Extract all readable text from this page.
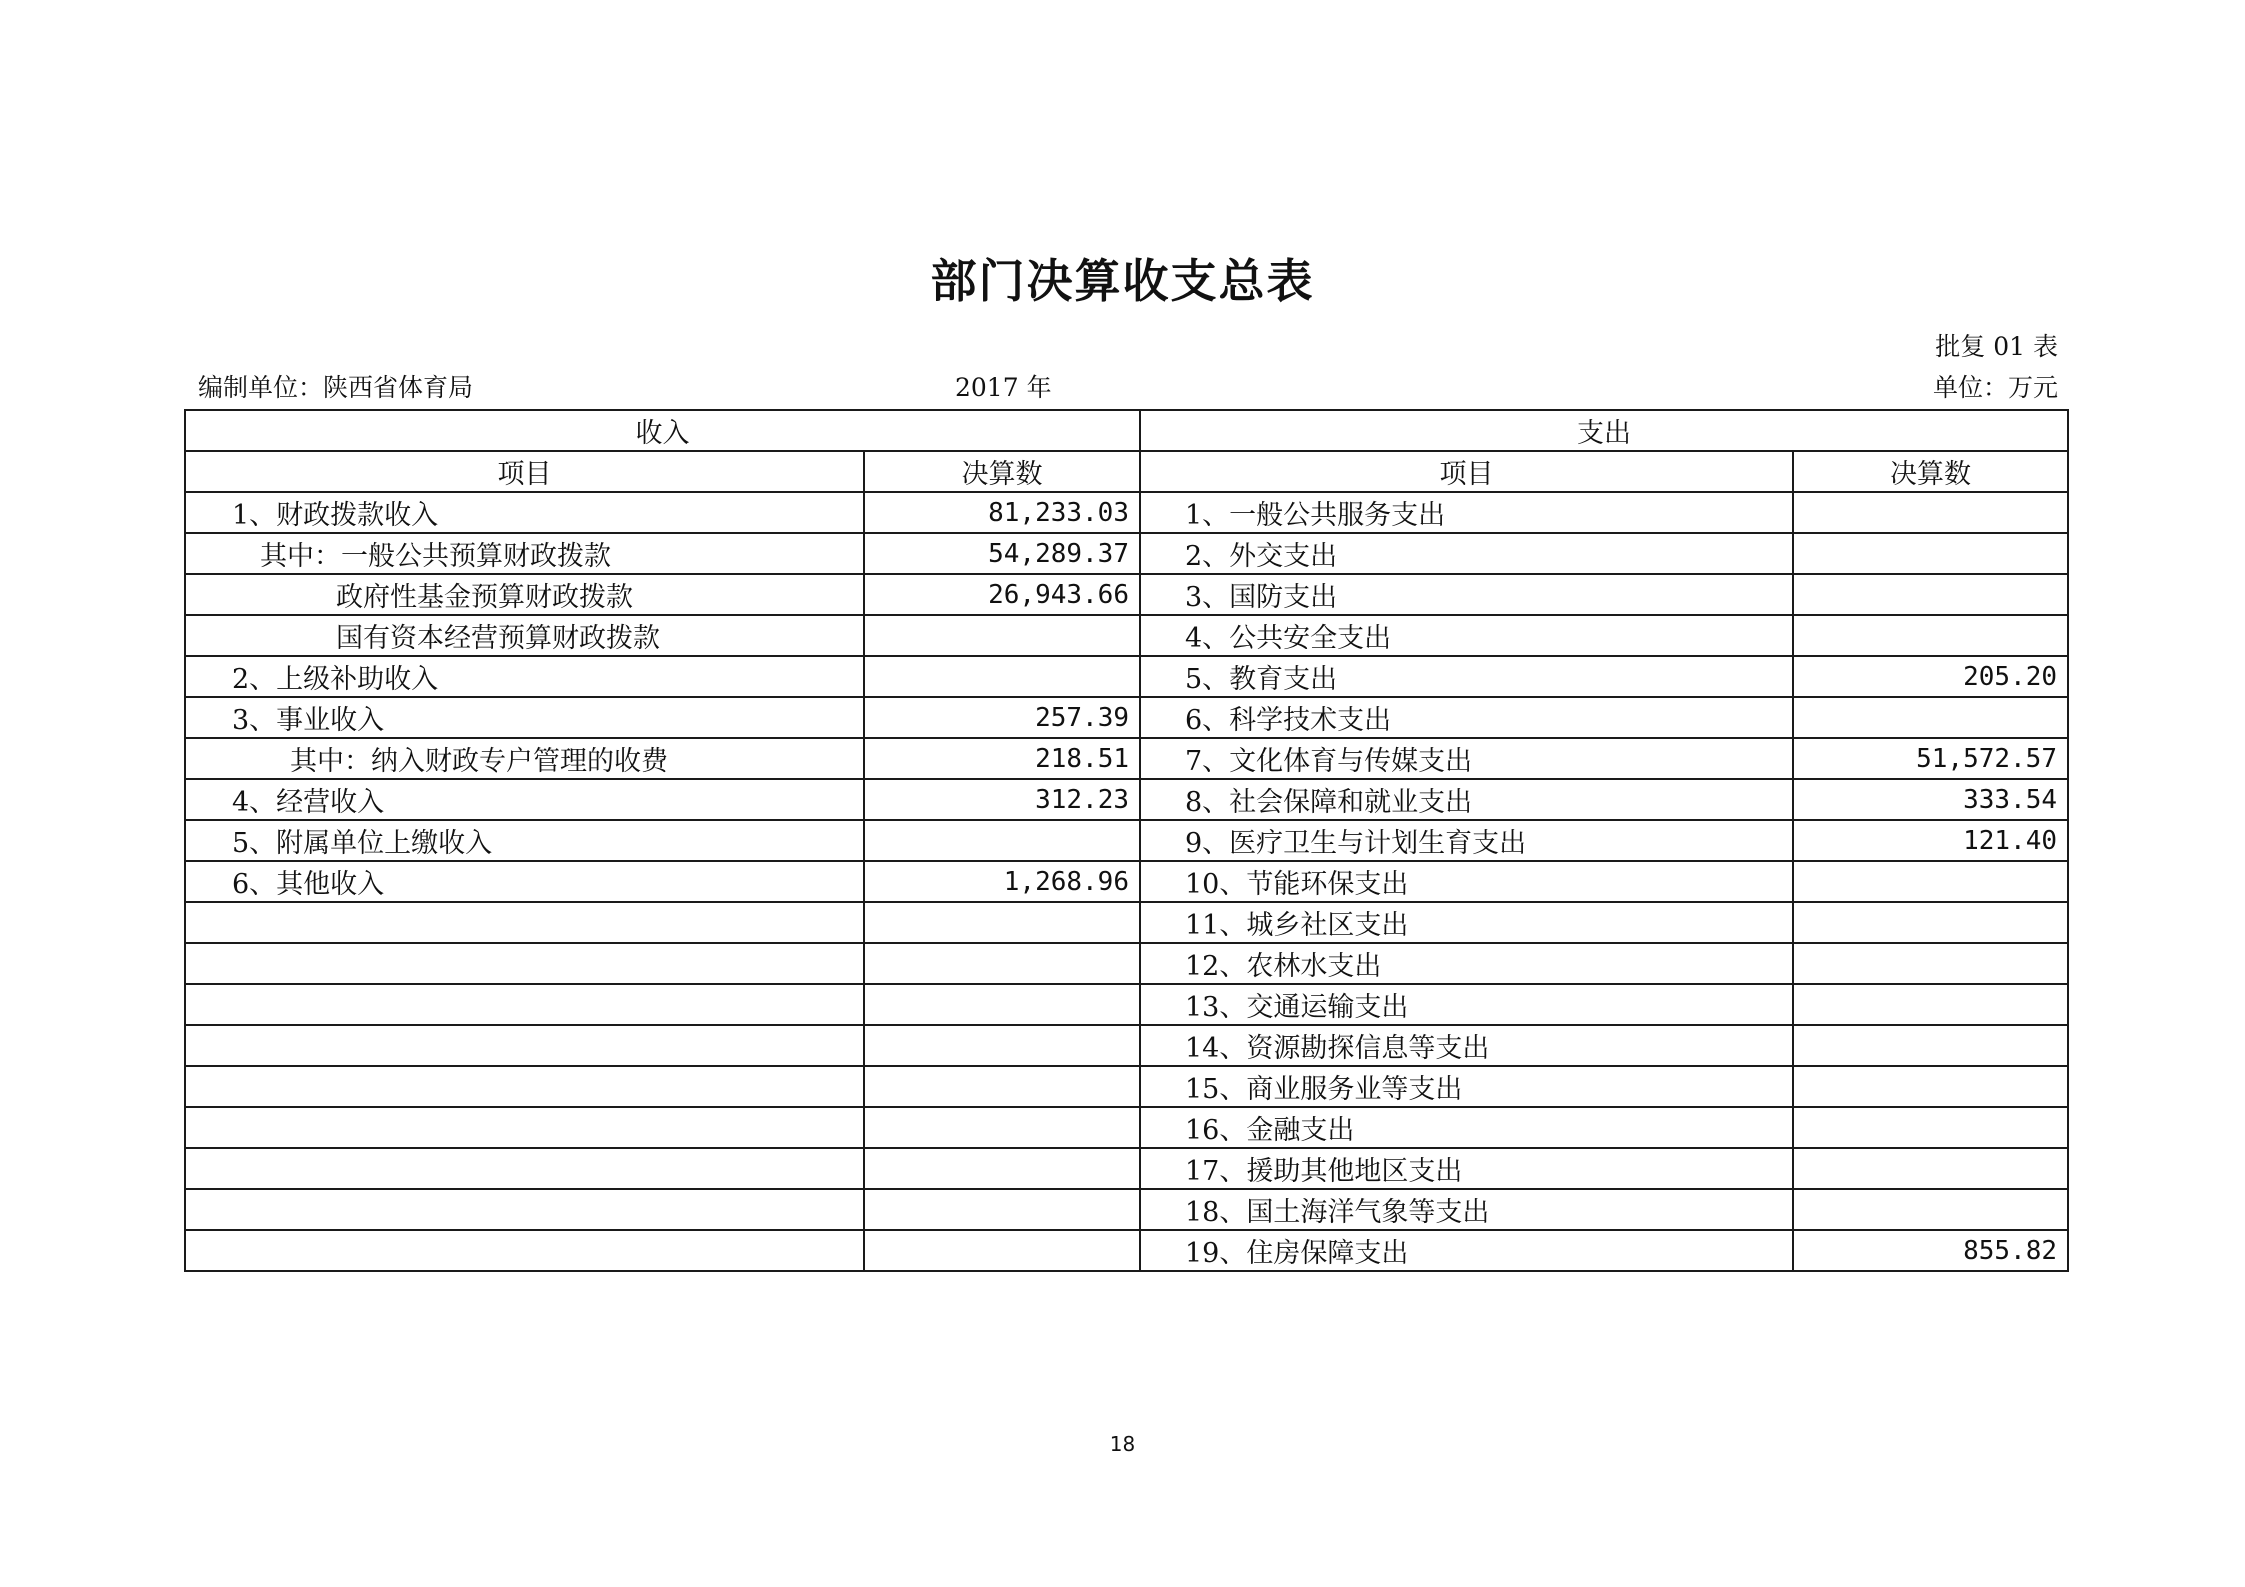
部门决算收支总表
批复 01 表
编制单位：陕西省体育局	2017 年	单位：万元
收入		支出	
项目	决算数	项目	决算数
1、财政拨款收入	81,233.03	1、一般公共服务支出	
其中：一般公共预算财政拨款	54,289.37	2、外交支出	
政府性基金预算财政拨款	26,943.66	3、国防支出	
国有资本经营预算财政拨款		4、公共安全支出	
2、上级补助收入		5、教育支出	205.20
3、事业收入	257.39	6、科学技术支出	
其中：纳入财政专户管理的收费	218.51	7、文化体育与传媒支出	51,572.57
4、经营收入	312.23	8、社会保障和就业支出	333.54
5、附属单位上缴收入		9、医疗卫生与计划生育支出	121.40
6、其他收入	1,268.96	10、节能环保支出	
		11、城乡社区支出	
		12、农林水支出	
		13、交通运输支出	
		14、资源勘探信息等支出	
		15、商业服务业等支出	
		16、金融支出	
		17、援助其他地区支出	
		18、国土海洋气象等支出	
		19、住房保障支出	855.82
18
